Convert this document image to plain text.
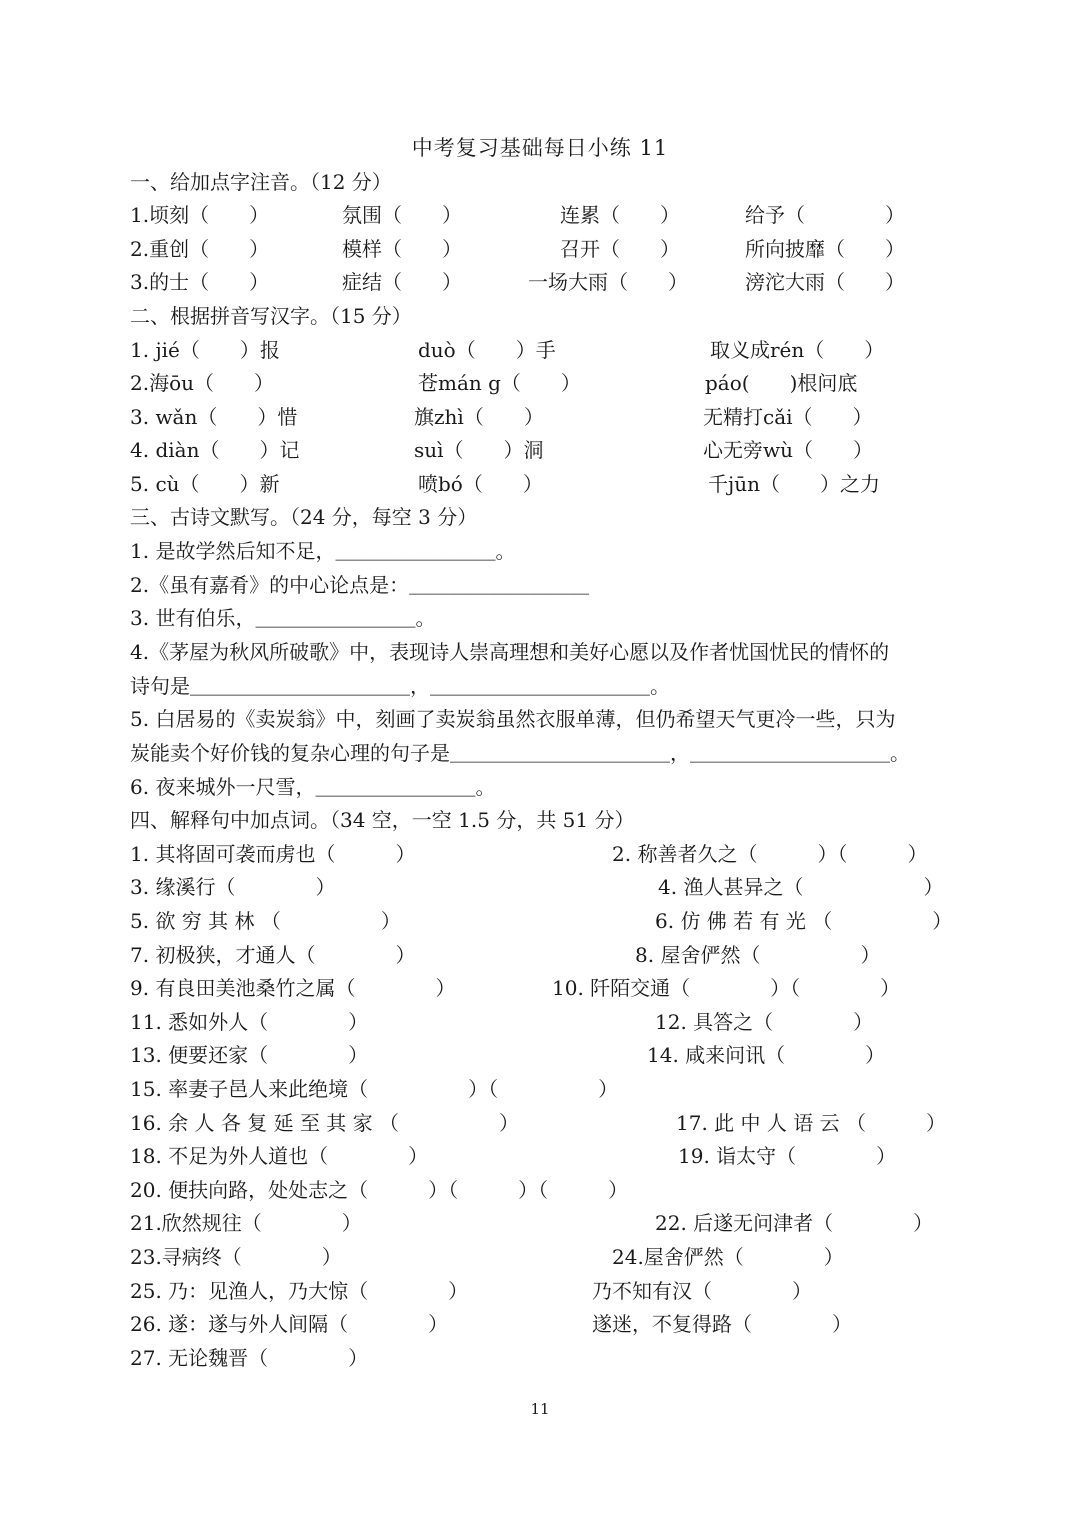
中考复习基础每日小练 11
一、给加点字注音。（12 分）
1.顷刻（　　）	氛围（　　）	连累（　　）	给予（　　　　）
2.重创（　　）	模样（　　）	召开（　　）	所向披靡（　　）
3.的士（　　）	症结（　　）	一场大雨（　　）	滂沱大雨（　　）
二、根据拼音写汉字。（15 分）
1. jié（　　）报	duò（　　）手	取义成rén（　　）
2.海ōu（　　）	苍mán g（　　）	páo(　　)根问底
3. wǎn（　　）惜	旗zhì（　　）	无精打cǎi（　　）
4. diàn（　　）记	suì（　　）洞	心无旁wù（　　）
5. cù（　　）新	喷bó（　　）	千jūn（　　）之力
三、古诗文默写。（24 分，每空 3 分）
1. 是故学然后知不足，＿＿＿＿＿＿＿＿。
2.《虽有嘉肴》的中心论点是：＿＿＿＿＿＿＿＿＿
3. 世有伯乐，＿＿＿＿＿＿＿＿。
4.《茅屋为秋风所破歌》中，表现诗人崇高理想和美好心愿以及作者忧国忧民的情怀的
诗句是＿＿＿＿＿＿＿＿＿＿＿，＿＿＿＿＿＿＿＿＿＿＿。
5. 白居易的《卖炭翁》中，刻画了卖炭翁虽然衣服单薄，但仍希望天气更冷一些，只为
炭能卖个好价钱的复杂心理的句子是＿＿＿＿＿＿＿＿＿＿＿，＿＿＿＿＿＿＿＿＿＿。
6. 夜来城外一尺雪，＿＿＿＿＿＿＿＿。
四、解释句中加点词。（34 空，一空 1.5 分，共 51 分）
1. 其将固可袭而虏也（　　　）	2. 称善者久之（　　　）（　　　）
3. 缘溪行（　　　　）	4. 渔人甚异之（　　　　　　）
5. 欲 穷 其 林 （　　　　　）	6. 仿 佛 若 有 光 （　　　　　）
7. 初极狭，才通人（　　　　）	8. 屋舍俨然（　　　　　）
9. 有良田美池桑竹之属（　　　　）	10. 阡陌交通（　　　　）（　　　　）
11. 悉如外人（　　　　）	12. 具答之（　　　　）
13. 便要还家（　　　　）	14. 咸来问讯（　　　　）
15. 率妻子邑人来此绝境（　　　　　）（　　　　　）
16. 余 人 各 复 延 至 其 家 （　　　　　）	17. 此 中 人 语 云 （　　　）
18. 不足为外人道也（　　　　）	19. 诣太守（　　　　）
20. 便扶向路，处处志之（　　　）（　　　）（　　　）
21.欣然规往（　　　　）	22. 后遂无问津者（　　　　）
23.寻病终（　　　　）	24.屋舍俨然（　　　　）
25. 乃：见渔人，乃大惊（　　　　）	乃不知有汉（　　　　）
26. 遂：遂与外人间隔（　　　　）	遂迷，不复得路（　　　　）
27. 无论魏晋（　　　　）
11
